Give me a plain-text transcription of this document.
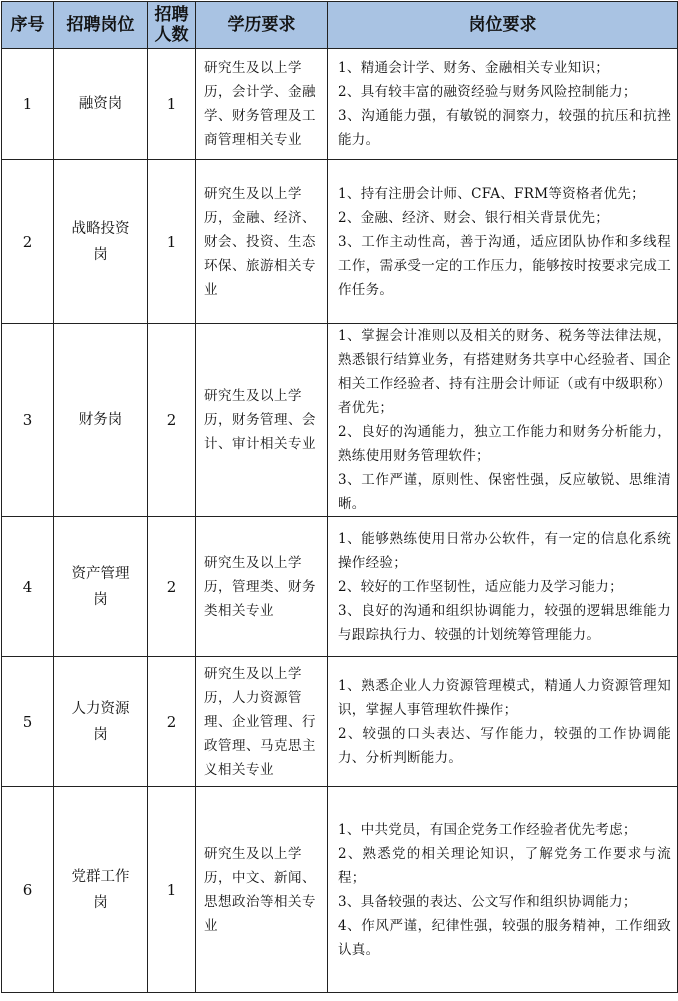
序号	招聘岗位	招聘人数	学历要求	岗位要求
1	融资岗	1	研究生及以上学历，会计学、金融学、财务管理及工商管理相关专业	1、精通会计学、财务、金融相关专业知识；
2、具有较丰富的融资经验与财务风险控制能力；
3、沟通能力强，有敏锐的洞察力，较强的抗压和抗挫能力。

2	战略投资岗	1	研究生及以上学历，金融、经济、财会、投资、生态环保、旅游相关专业	1、持有注册会计师、CFA、FRM等资格者优先；
2、金融、经济、财会、银行相关背景优先；
3、工作主动性高，善于沟通，适应团队协作和多线程工作，需承受一定的工作压力，能够按时按要求完成工作任务。

3	财务岗	2	研究生及以上学历，财务管理、会计、审计相关专业	1、掌握会计准则以及相关的财务、税务等法律法规，熟悉银行结算业务，有搭建财务共享中心经验者、国企相关工作经验者、持有注册会计师证（或有中级职称）者优先；
2、良好的沟通能力，独立工作能力和财务分析能力，熟练使用财务管理软件；
3、工作严谨，原则性、保密性强，反应敏锐、思维清晰。

4	资产管理岗	2	研究生及以上学历，管理类、财务类相关专业	1、能够熟练使用日常办公软件，有一定的信息化系统操作经验；
2、较好的工作坚韧性，适应能力及学习能力；
3、良好的沟通和组织协调能力，较强的逻辑思维能力与跟踪执行力、较强的计划统筹管理能力。

5	人力资源岗	2	研究生及以上学历，人力资源管理、企业管理、行政管理、马克思主义相关专业	1、熟悉企业人力资源管理模式，精通人力资源管理知识，掌握人事管理软件操作；
2、较强的口头表达、写作能力，较强的工作协调能力、分析判断能力。

6	党群工作岗	1	研究生及以上学历，中文、新闻、思想政治等相关专业	1、中共党员，有国企党务工作经验者优先考虑；
2、熟悉党的相关理论知识，了解党务工作要求与流程；
3、具备较强的表达、公文写作和组织协调能力；
4、作风严谨，纪律性强，较强的服务精神，工作细致认真。
